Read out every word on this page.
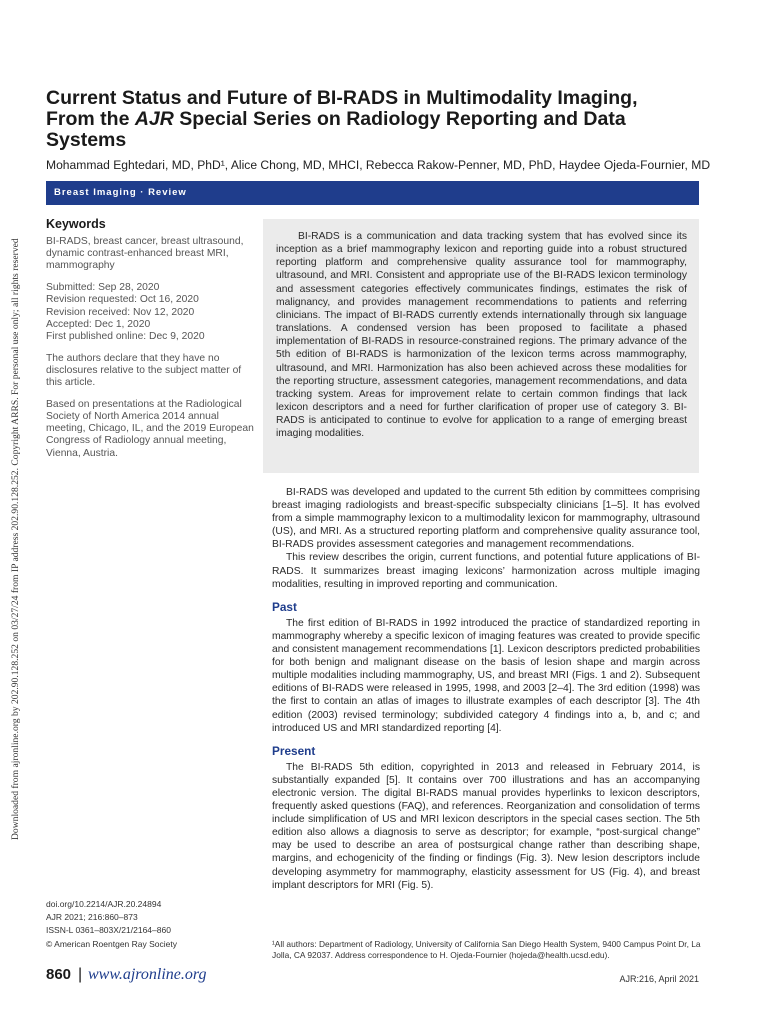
Downloaded from ajronline.org by 202.90.128.252 on 03/27/24 from IP address 202.90.128.252. Copyright ARRS. For personal use only; all rights reserved
Current Status and Future of BI-RADS in Multimodality Imaging, From the AJR Special Series on Radiology Reporting and Data Systems
Mohammad Eghtedari, MD, PhD¹, Alice Chong, MD, MHCI, Rebecca Rakow-Penner, MD, PhD, Haydee Ojeda-Fournier, MD
Breast Imaging · Review
Keywords

BI-RADS, breast cancer, breast ultrasound, dynamic contrast-enhanced breast MRI, mammography

Submitted: Sep 28, 2020
Revision requested: Oct 16, 2020
Revision received: Nov 12, 2020
Accepted: Dec 1, 2020
First published online: Dec 9, 2020

The authors declare that they have no disclosures relative to the subject matter of this article.

Based on presentations at the Radiological Society of North America 2014 annual meeting, Chicago, IL, and the 2019 European Congress of Radiology annual meeting, Vienna, Austria.

BI-RADS is a communication and data tracking system that has evolved since its inception as a brief mammography lexicon and reporting guide into a robust structured reporting platform and comprehensive quality assurance tool for mammography, ultrasound, and MRI. Consistent and appropriate use of the BI-RADS lexicon terminology and assessment categories effectively communicates findings, estimates the risk of malignancy, and provides management recommendations to patients and referring clinicians. The impact of BI-RADS currently extends internationally through six language translations. A condensed version has been proposed to facilitate a phased implementation of BI-RADS in resource-constrained regions. The primary advance of the 5th edition of BI-RADS is harmonization of the lexicon terms across mammography, ultrasound, and MRI. Harmonization has also been achieved across these modalities for the reporting structure, assessment categories, management recommendations, and data tracking system. Areas for improvement relate to certain common findings that lack lexicon descriptors and a need for further clarification of proper use of category 3. BI-RADS is anticipated to continue to evolve for application to a range of emerging breast imaging modalities.

BI-RADS was developed and updated to the current 5th edition by committees comprising breast imaging radiologists and breast-specific subspecialty clinicians [1–5]. It has evolved from a simple mammography lexicon to a multimodality lexicon for mammography, ultrasound (US), and MRI. As a structured reporting platform and comprehensive quality assurance tool, BI-RADS provides assessment categories and management recommendations.

This review describes the origin, current functions, and potential future applications of BI-RADS. It summarizes breast imaging lexicons’ harmonization across multiple imaging modalities, resulting in improved reporting and communication.

Past

The first edition of BI-RADS in 1992 introduced the practice of standardized reporting in mammography whereby a specific lexicon of imaging features was created to provide specific and consistent management recommendations [1]. Lexicon descriptors predicted probabilities for both benign and malignant disease on the basis of lesion shape and margin across multiple modalities including mammography, US, and breast MRI (Figs. 1 and 2). Subsequent editions of BI-RADS were released in 1995, 1998, and 2003 [2–4]. The 3rd edition (1998) was the first to contain an atlas of images to illustrate examples of each descriptor [3]. The 4th edition (2003) revised terminology; subdivided category 4 findings into a, b, and c; and introduced US and MRI standardized reporting [4].

Present

The BI-RADS 5th edition, copyrighted in 2013 and released in February 2014, is substantially expanded [5]. It contains over 700 illustrations and has an accompanying electronic version. The digital BI-RADS manual provides hyperlinks to lexicon descriptors, frequently asked questions (FAQ), and references. Reorganization and consolidation of terms include simplification of US and MRI lexicon descriptors in the special cases section. The 5th edition also allows a diagnosis to serve as descriptor; for example, “post-surgical change” may be used to describe an area of postsurgical change rather than describing shape, margins, and echogenicity of the finding or findings (Fig. 3). New lesion descriptors include developing asymmetry for mammography, elasticity assessment for US (Fig. 4), and breast implant descriptors for MRI (Fig. 5).

¹All authors: Department of Radiology, University of California San Diego Health System, 9400 Campus Point Dr, La Jolla, CA 92037. Address correspondence to H. Ojeda-Fournier (hojeda@health.ucsd.edu).
doi.org/10.2214/AJR.20.24894
AJR 2021; 216:860–873
ISSN-L 0361–803X/21/2164–860
© American Roentgen Ray Society
860 | www.ajronline.org	AJR:216, April 2021
